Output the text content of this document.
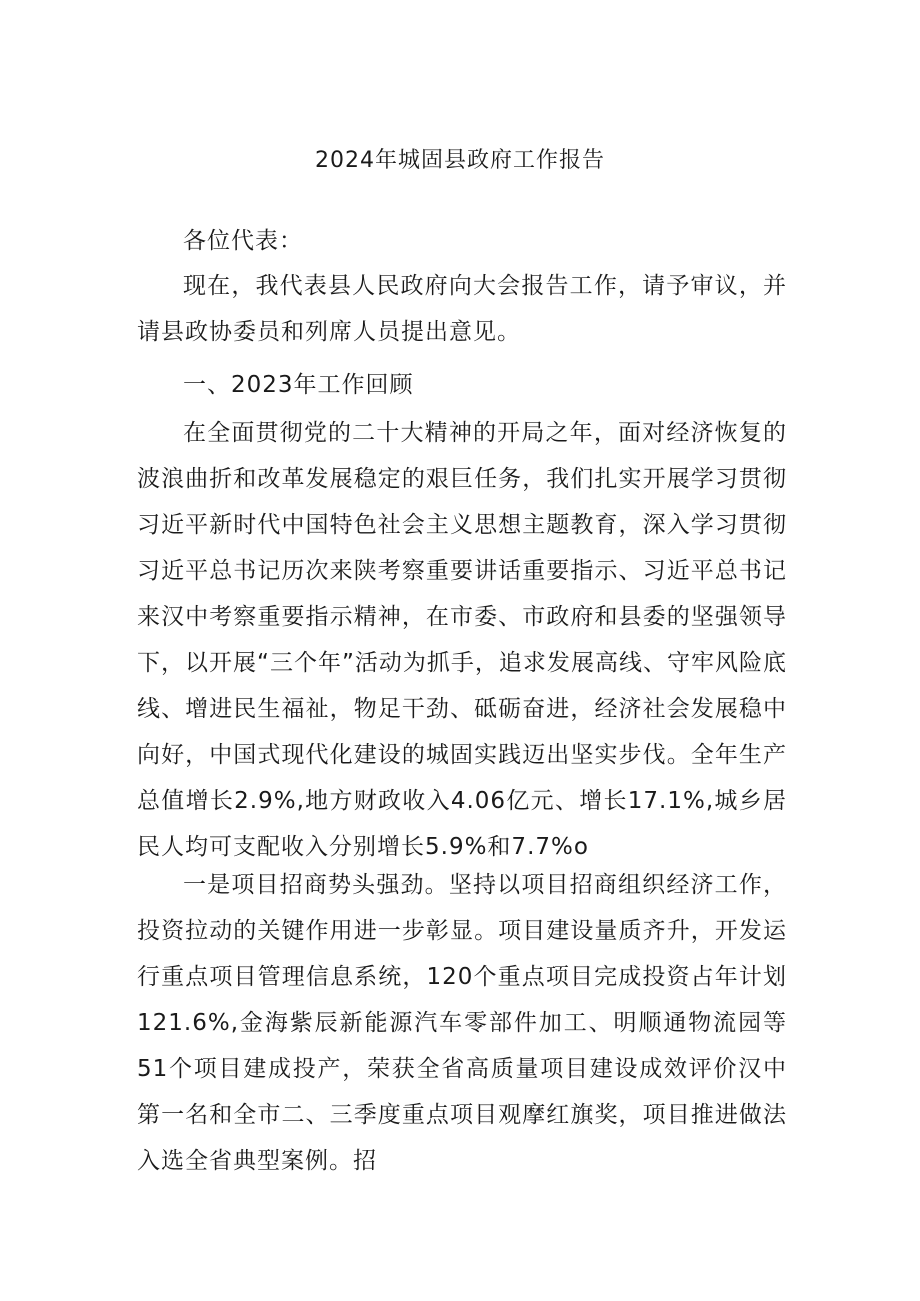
2024年城固县政府工作报告

各位代表：

现在，我代表县人民政府向大会报告工作，请予审议，并请县政协委员和列席人员提出意见。

一、2023年工作回顾

在全面贯彻党的二十大精神的开局之年，面对经济恢复的波浪曲折和改革发展稳定的艰巨任务，我们扎实开展学习贯彻习近平新时代中国特色社会主义思想主题教育，深入学习贯彻习近平总书记历次来陕考察重要讲话重要指示、习近平总书记来汉中考察重要指示精神，在市委、市政府和县委的坚强领导下，以开展“三个年”活动为抓手，追求发展高线、守牢风险底线、增进民生福祉，物足干劲、砥砺奋进，经济社会发展稳中向好，中国式现代化建设的城固实践迈出坚实步伐。全年生产总值增长2.9%,地方财政收入4.06亿元、增长17.1%,城乡居民人均可支配收入分别增长5.9%和7.7%o

一是项目招商势头强劲。坚持以项目招商组织经济工作，投资拉动的关键作用进一步彰显。项目建设量质齐升，开发运行重点项目管理信息系统，120个重点项目完成投资占年计划121.6%,金海紫辰新能源汽车零部件加工、明顺通物流园等51个项目建成投产，荣获全省高质量项目建设成效评价汉中第一名和全市二、三季度重点项目观摩红旗奖，项目推进做法入选全省典型案例。招
